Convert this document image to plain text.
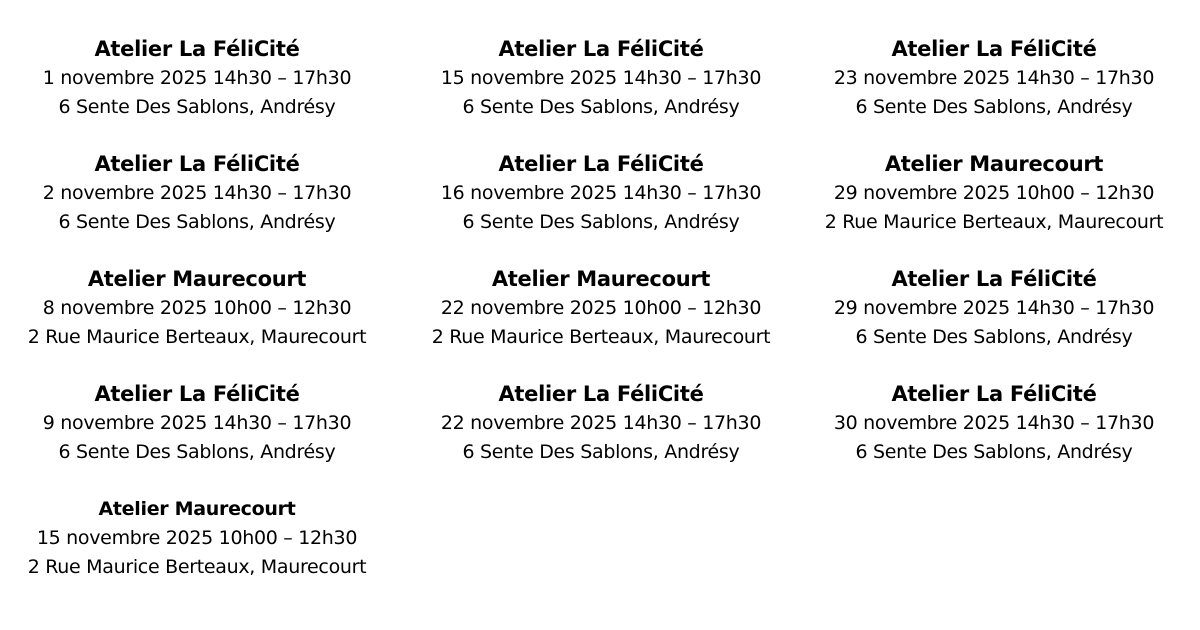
Atelier La FéliCité
1 novembre 2025 14h30 – 17h30
6 Sente Des Sablons, Andrésy
Atelier La FéliCité
2 novembre 2025 14h30 – 17h30
6 Sente Des Sablons, Andrésy
Atelier Maurecourt
8 novembre 2025 10h00 – 12h30
2 Rue Maurice Berteaux, Maurecourt
Atelier La FéliCité
9 novembre 2025 14h30 – 17h30
6 Sente Des Sablons, Andrésy
Atelier Maurecourt
15 novembre 2025 10h00 – 12h30
2 Rue Maurice Berteaux, Maurecourt
Atelier La FéliCité
15 novembre 2025 14h30 – 17h30
6 Sente Des Sablons, Andrésy
Atelier La FéliCité
16 novembre 2025 14h30 – 17h30
6 Sente Des Sablons, Andrésy
Atelier Maurecourt
22 novembre 2025 10h00 – 12h30
2 Rue Maurice Berteaux, Maurecourt
Atelier La FéliCité
22 novembre 2025 14h30 – 17h30
6 Sente Des Sablons, Andrésy
Atelier La FéliCité
23 novembre 2025 14h30 – 17h30
6 Sente Des Sablons, Andrésy
Atelier Maurecourt
29 novembre 2025 10h00 – 12h30
2 Rue Maurice Berteaux, Maurecourt
Atelier La FéliCité
29 novembre 2025 14h30 – 17h30
6 Sente Des Sablons, Andrésy
Atelier La FéliCité
30 novembre 2025 14h30 – 17h30
6 Sente Des Sablons, Andrésy
